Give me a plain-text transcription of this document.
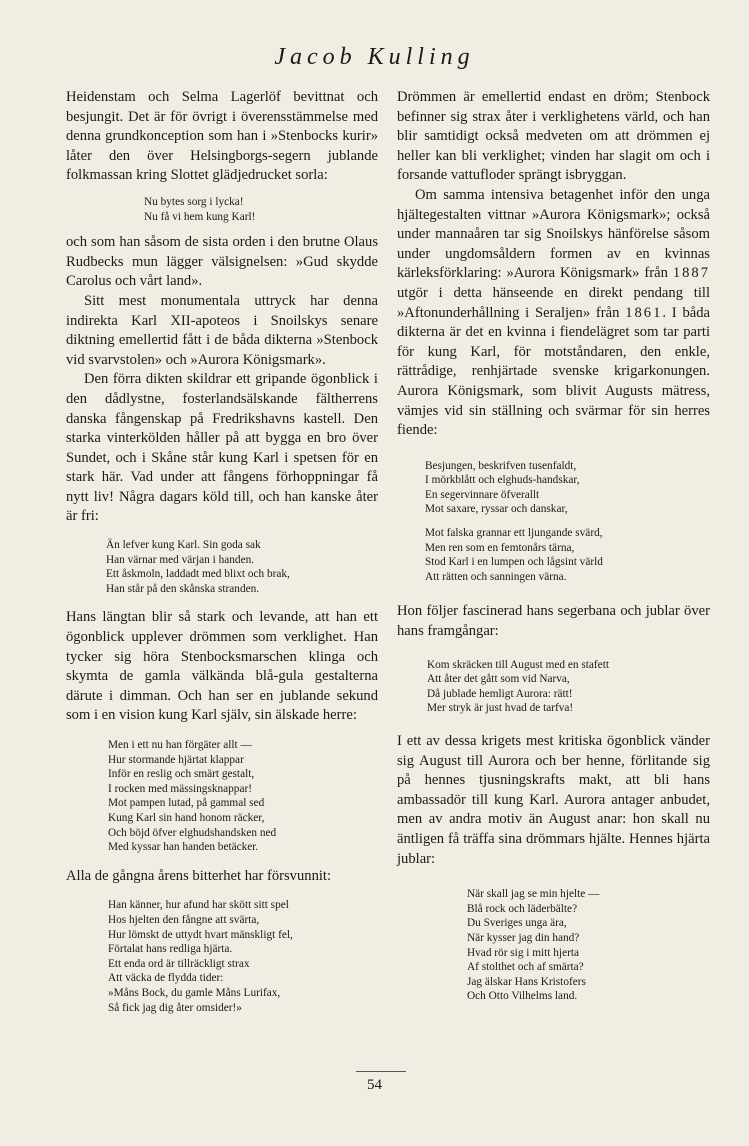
Jacob Kulling

Heidenstam och Selma Lagerlöf bevittnat och besjungit. Det är för övrigt i överensstämmelse med denna grundkonception som han i »Stenbocks kurir» låter den över Helsingborgs-segern jublande folkmassan kring Slottet glädjedrucket sorla:

Nu bytes sorg i lycka!
Nu få vi hem kung Karl!

och som han såsom de sista orden i den brutne Olaus Rudbecks mun lägger välsignelsen: »Gud skydde Carolus och vårt land».

Sitt mest monumentala uttryck har denna indirekta Karl XII-apoteos i Snoilskys senare diktning emellertid fått i de båda dikterna »Stenbock vid svarvstolen» och »Aurora Königsmark».

Den förra dikten skildrar ett gripande ögonblick i den dådlystne, fosterlandsälskande fältherrens danska fångenskap på Fredrikshavns kastell. Den starka vinterkölden håller på att bygga en bro över Sundet, och i Skåne står kung Karl i spetsen för en stark här. Vad under att fångens förhoppningar få nytt liv! Några dagars köld till, och han kanske åter är fri:

Än lefver kung Karl. Sin goda sak
Han värnar med värjan i handen.
Ett åskmoln, laddadt med blixt och brak,
Han står på den skånska stranden.

Hans längtan blir så stark och levande, att han ett ögonblick upplever drömmen som verklighet. Han tycker sig höra Stenbocksmarschen klinga och skymta de gamla välkända blå-gula gestalterna därute i dimman. Och han ser en jublande sekund som i en vision kung Karl själv, sin älskade herre:

Men i ett nu han förgäter allt —
Hur stormande hjärtat klappar
Inför en reslig och smärt gestalt,
I rocken med mässingsknappar!
Mot pampen lutad, på gammal sed
Kung Karl sin hand honom räcker,
Och böjd öfver elghudshandsken ned
Med kyssar han handen betäcker.

Alla de gångna årens bitterhet har försvunnit:

Han känner, hur afund har skött sitt spel
Hos hjelten den fångne att svärta,
Hur lömskt de uttydt hvart mänskligt fel,
Förtalat hans redliga hjärta.
Ett enda ord är tillräckligt strax
Att väcka de flydda tider:
»Måns Bock, du gamle Måns Lurifax,
Så fick jag dig åter omsider!»

Drömmen är emellertid endast en dröm; Stenbock befinner sig strax åter i verklighetens värld, och han blir samtidigt också medveten om att drömmen ej heller kan bli verklighet; vinden har slagit om och i forsande vattufloder sprängt isbryggan.

Om samma intensiva betagenhet inför den unga hjältegestalten vittnar »Aurora Königsmark»; också under mannaåren tar sig Snoilskys hänförelse såsom under ungdomsåldern formen av en kvinnas kärleksförklaring: »Aurora Königsmark» från 1887 utgör i detta hänseende en direkt pendang till »Aftonunderhållning i Seraljen» från 1861. I båda dikterna är det en kvinna i fiendelägret som tar parti för kung Karl, för motståndaren, den enkle, rättrådige, renhjärtade svenske krigarkonungen. Aurora Königsmark, som blivit Augusts mätress, vämjes vid sin ställning och svärmar för sin herres fiende:

Besjungen, beskrifven tusenfaldt,
I mörkblått och elghuds-handskar,
En segervinnare öfverallt
Mot saxare, ryssar och danskar,
Mot falska grannar ett ljungande svärd,
Men ren som en femtonårs tärna,
Stod Karl i en lumpen och lågsint värld
Att rätten och sanningen värna.

Hon följer fascinerad hans segerbana och jublar över hans framgångar:

Kom skräcken till August med en stafett
Att åter det gått som vid Narva,
Då jublade hemligt Aurora: rätt!
Mer stryk är just hvad de tarfva!

I ett av dessa krigets mest kritiska ögonblick vänder sig August till Aurora och ber henne, förlitande sig på hennes tjusningskrafts makt, att bli hans ambassadör till kung Karl. Aurora antager anbudet, men av andra motiv än August anar: hon skall nu äntligen få träffa sina drömmars hjälte. Hennes hjärta jublar:

När skall jag se min hjelte —
Blå rock och läderbälte?
Du Sveriges unga ära,
När kysser jag din hand?
Hvad rör sig i mitt hjerta
Af stolthet och af smärta?
Jag älskar Hans Kristofers
Och Otto Vilhelms land.
54
